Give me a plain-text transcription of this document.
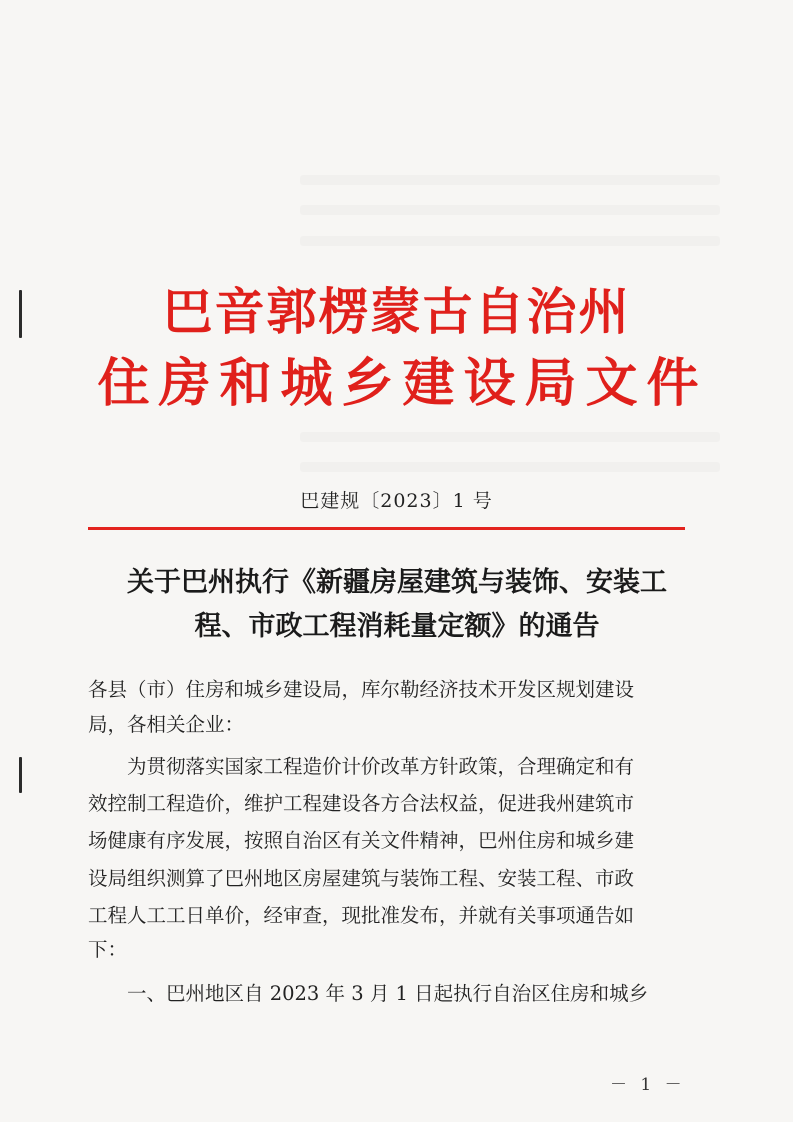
巴音郭楞蒙古自治州
住房和城乡建设局文件
巴建规〔2023〕1 号
关于巴州执行《新疆房屋建筑与装饰、安装工
程、市政工程消耗量定额》的通告
各县（市）住房和城乡建设局，库尔勒经济技术开发区规划建设
局，各相关企业：
　　为贯彻落实国家工程造价计价改革方针政策，合理确定和有
效控制工程造价，维护工程建设各方合法权益，促进我州建筑市
场健康有序发展，按照自治区有关文件精神，巴州住房和城乡建
设局组织测算了巴州地区房屋建筑与装饰工程、安装工程、市政
工程人工工日单价，经审查，现批准发布，并就有关事项通告如
下：
　　一、巴州地区自 2023 年 3 月 1 日起执行自治区住房和城乡
－ 1 －
